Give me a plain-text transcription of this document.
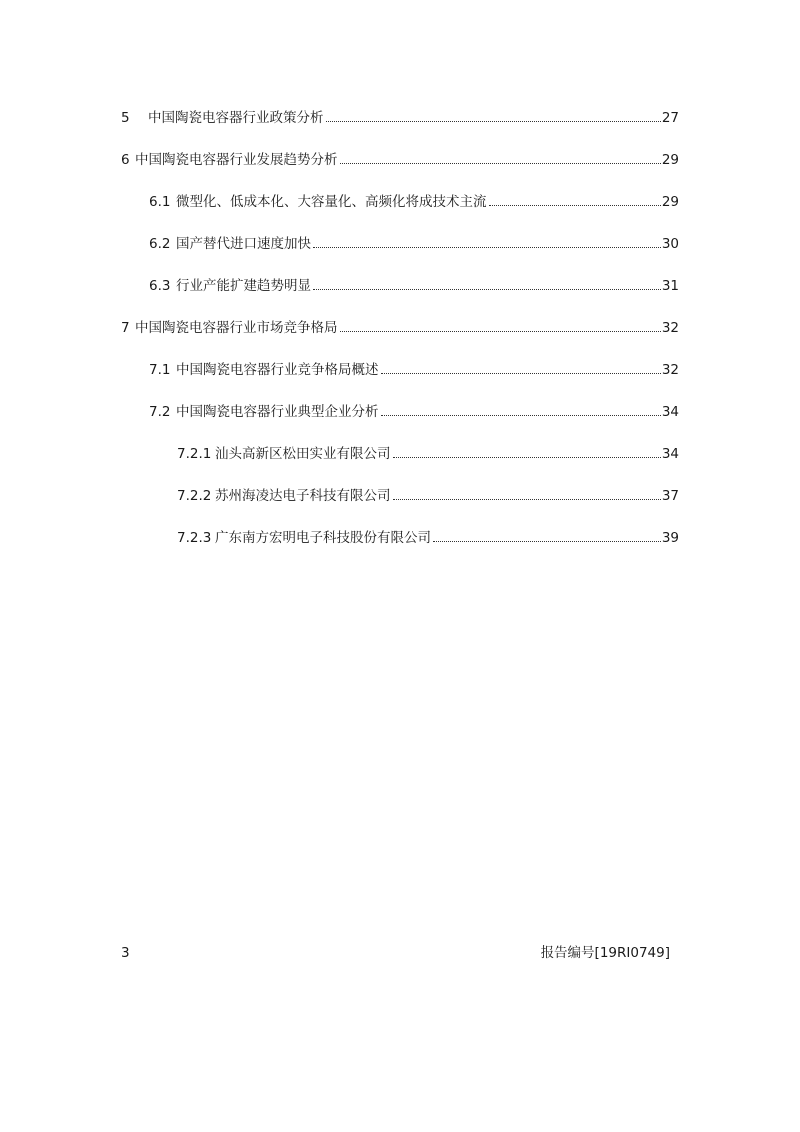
5	中国陶瓷电容器行业政策分析	27
6 中国陶瓷电容器行业发展趋势分析	29
6.1 微型化、低成本化、大容量化、高频化将成技术主流	29
6.2 国产替代进口速度加快	30
6.3 行业产能扩建趋势明显	31
7 中国陶瓷电容器行业市场竞争格局	32
7.1 中国陶瓷电容器行业竞争格局概述	32
7.2 中国陶瓷电容器行业典型企业分析	34
7.2.1 汕头高新区松田实业有限公司	34
7.2.2 苏州海凌达电子科技有限公司	37
7.2.3 广东南方宏明电子科技股份有限公司	39
3	报告编号[19RI0749]
